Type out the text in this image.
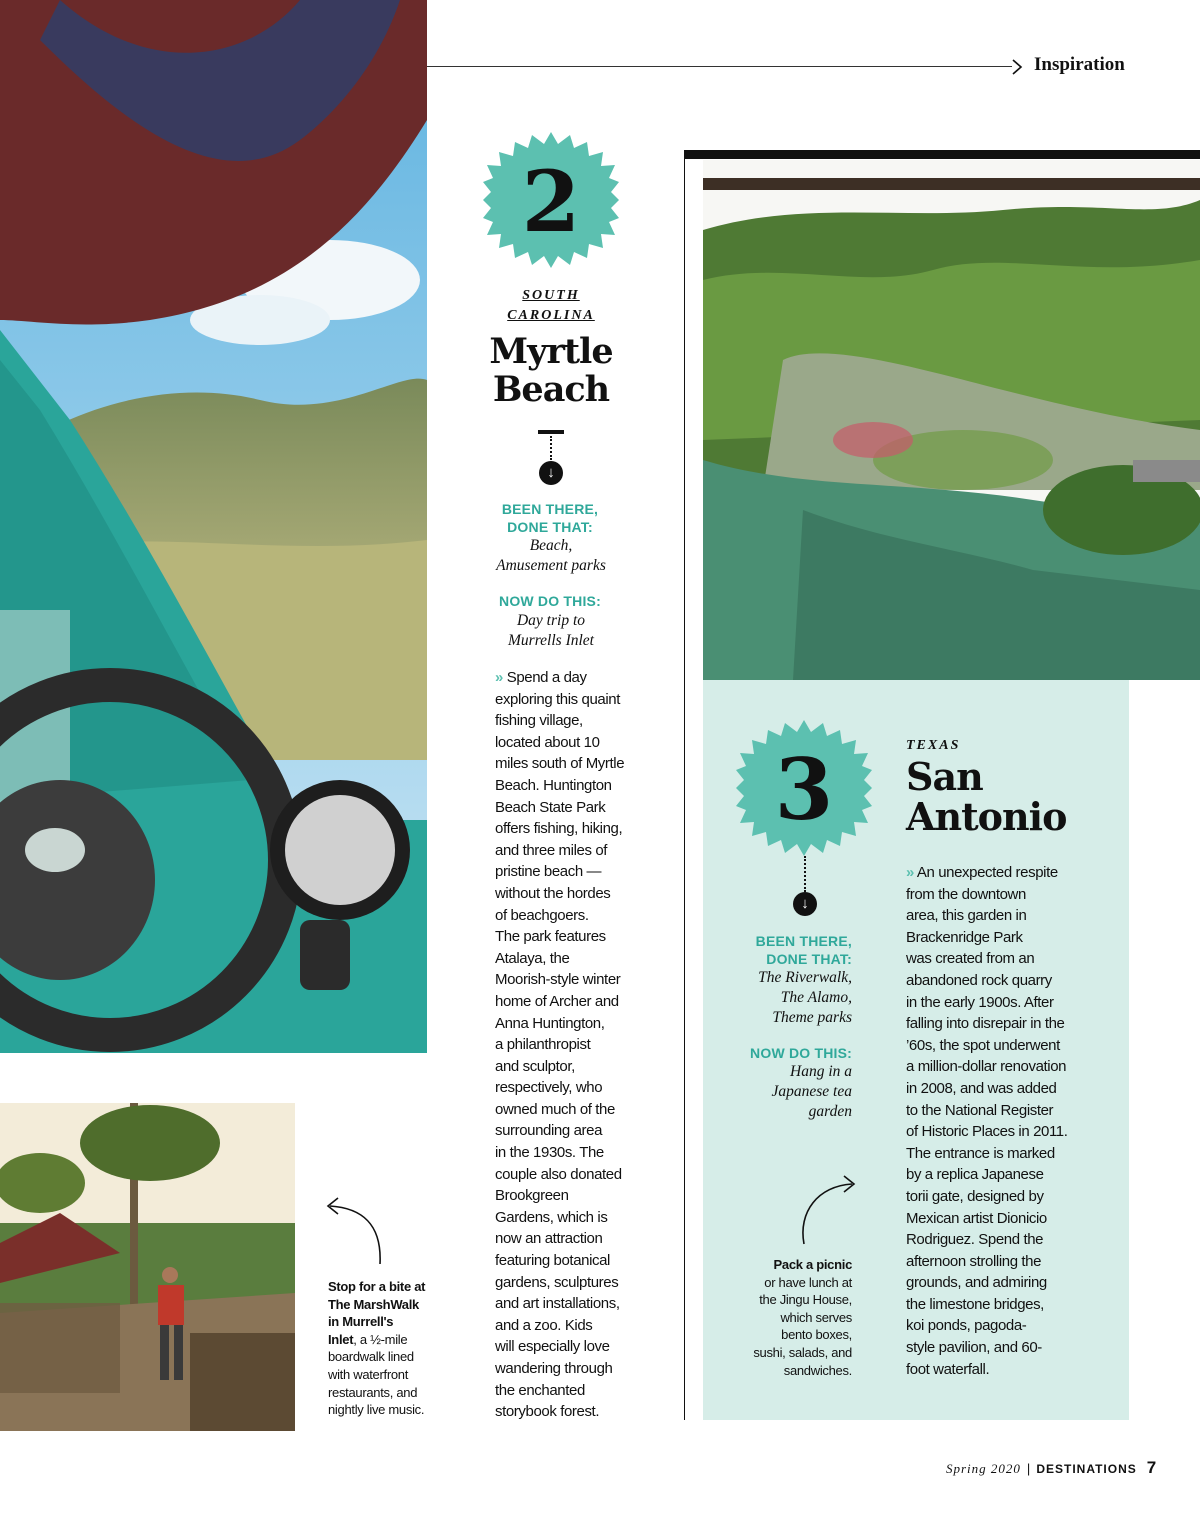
Inspiration
2
SOUTH
CAROLINA
Myrtle
Beach
↓
BEEN THERE,
DONE THAT:
Beach,
Amusement parks
NOW DO THIS:
Day trip to
Murrells Inlet
» Spend a day
exploring this quaint
fishing village,
located about 10
miles south of Myrtle
Beach. Huntington
Beach State Park
offers fishing, hiking,
and three miles of
pristine beach —
without the hordes
of beachgoers.
The park features
Atalaya, the
Moorish-style winter
home of Archer and
Anna Huntington,
a philanthropist
and sculptor,
respectively, who
owned much of the
surrounding area
in the 1930s. The
couple also donated
Brookgreen
Gardens, which is
now an attraction
featuring botanical
gardens, sculptures
and art installations,
and a zoo. Kids
will especially love
wandering through
the enchanted
storybook forest.
Stop for a bite at
The MarshWalk
in Murrell's
Inlet, a ½-mile
boardwalk lined
with waterfront
restaurants, and
nightly live music.
3
↓
TEXAS
San
Antonio
BEEN THERE,
DONE THAT:
The Riverwalk,
The Alamo,
Theme parks
NOW DO THIS:
Hang in a
Japanese tea
garden
» An unexpected respite
from the downtown
area, this garden in
Brackenridge Park
was created from an
abandoned rock quarry
in the early 1900s. After
falling into disrepair in the
’60s, the spot underwent
a million-dollar renovation
in 2008, and was added
to the National Register
of Historic Places in 2011.
The entrance is marked
by a replica Japanese
torii gate, designed by
Mexican artist Dionicio
Rodriguez. Spend the
afternoon strolling the
grounds, and admiring
the limestone bridges,
koi ponds, pagoda-
style pavilion, and 60-
foot waterfall.
Pack a picnic
or have lunch at
the Jingu House,
which serves
bento boxes,
sushi, salads, and
sandwiches.
Spring 2020 | DESTINATIONS 7
